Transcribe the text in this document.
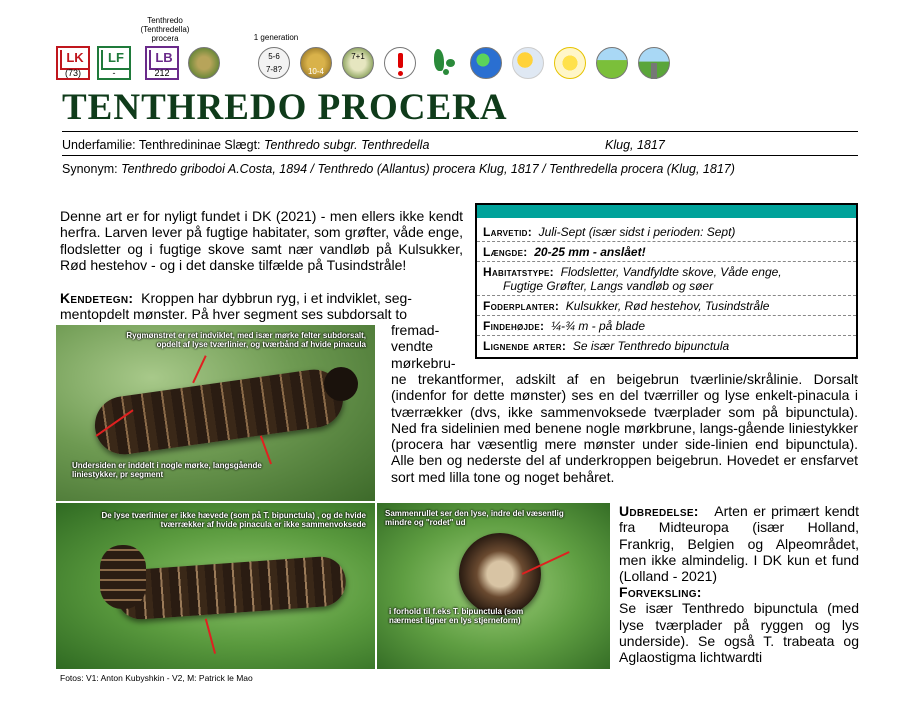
Tenthredo
(Tenthredella)
procera	1 generation
LK
(73)
LF
-
LB
212
5-6
7-8?	10-4
7+1
TENTHREDO PROCERA
Underfamilie: Tenthredininae Slægt: Tenthredo subgr. Tenthredella	Klug, 1817
Synonym: Tenthredo gribodoi A.Costa, 1894 / Tenthredo (Allantus) procera Klug, 1817 / Tenthredella procera (Klug, 1817)
Denne art er for nyligt fundet i DK (2021) - men ellers ikke kendt herfra. Larven lever på fugtige habitater, som grøfter, våde enge, flodsletter og i fugtige skove samt nær vandløb på Kulsukker, Rød hestehov - og i det danske tilfælde på Tusindstråle!
Kendetegn: Kroppen har dybbrun ryg, i et indviklet, seg-
mentopdelt mønster. På hver segment ses subdorsalt to
fremad-
vendte
mørkebru-
ne trekantformer, adskilt af en beigebrun tværlinie/skrålinie. Dorsalt (indenfor for dette mønster) ses en del tværriller og lyse enkelt-pinacula i tværrækker (dvs, ikke sammenvoksede tværplader som på bipunctula). Ned fra sidelinien med benene nogle mørkbrune, langs-gående liniestykker (procera har væsentlig mere mønster under side-linien end bipunctula). Alle ben og nederste del af underkroppen beigebrun. Hovedet er ensfarvet sort med lilla tone og noget behåret.
Larvetid: Juli-Sept (især sidst i perioden: Sept)
Længde: 20-25 mm - anslået!
Habitatstype: Flodsletter, Vandfyldte skove, Våde enge,
Fugtige Grøfter, Langs vandløb og søer
Foderplanter: Kulsukker, Rød hestehov, Tusindstråle
Findehøjde: ¼-¾ m - på blade
Lignende arter: Se især Tenthredo bipunctula
Rygmønstret er ret indviklet, med især mørke felter subdorsalt, opdelt af lyse tværlinier, og tværbånd af hvide pinacula
Undersiden er inddelt i nogle mørke, langsgående liniestykker, pr segment
De lyse tværlinier er ikke hævede (som på T. bipunctula) , og de hvide tværrækker af hvide pinacula er ikke sammenvoksede
Sammenrullet ser den lyse, indre del væsentlig mindre og "rodet" ud
i forhold til f.eks T. bipunctula (som nærmest ligner en lys stjerneform)
Udbredelse: Arten er primært kendt fra Midteuropa (især Holland, Frankrig, Belgien og Alpeområdet, men ikke almindelig. I DK kun et fund (Lolland - 2021)
Forveksling:
Se især Tenthredo bipunctula (med lyse tværplader på ryggen og lys underside). Se også T. trabeata og Aglaostigma lichtwardti
Fotos: V1: Anton Kubyshkin - V2, M: Patrick le Mao
